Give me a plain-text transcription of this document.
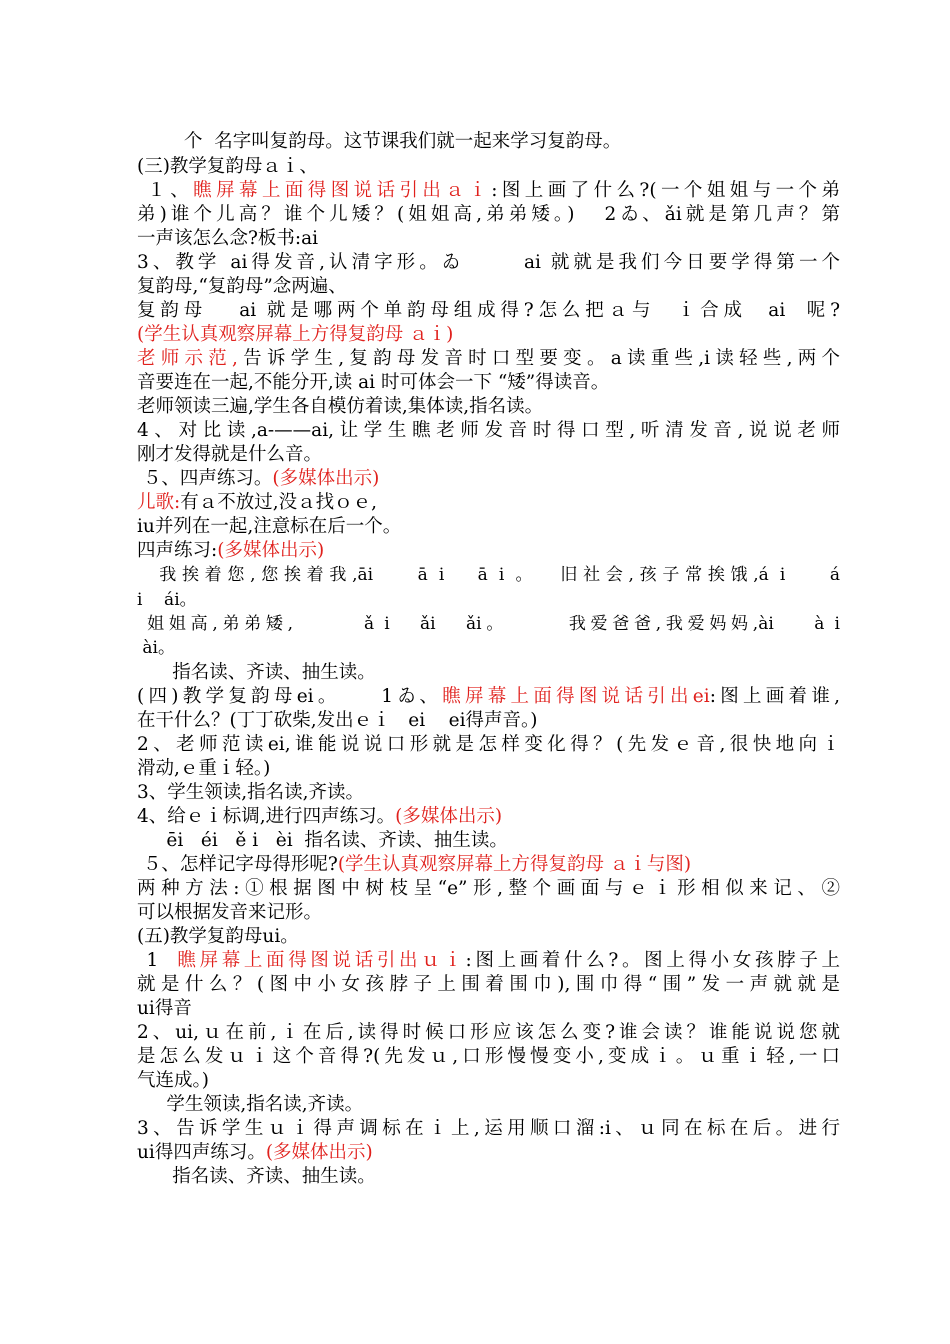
个  名字叫复韵母。这节课我们就一起来学习复韵母。
(三)教学复韵母ａｉ、
１、瞧屏幕上面得图说话引出ａｉ:图上画了什么?(一个姐姐与一个弟
弟)谁个儿高？谁个儿矮？(姐姐高,弟弟矮。)   2ゐ、ǎi就是第几声？第
一声该怎么念?板书:ai
3、教学 ai得发音,认清字形。ゐ      ai 就就是我们今日要学得第一个
复韵母,“复韵母”念两遍、
复韵母   ai 就是哪两个单韵母组成得?怎么把ａ与  ｉ合成  ai  呢?
(学生认真观察屏幕上方得复韵母 ａｉ)
老师示范,告诉学生,复韵母发音时口型要变。a读重些,i读轻些,两个
音要连在一起,不能分开,读 ai 时可体会一下 “矮”得读音。
老师领读三遍,学生各自模仿着读,集体读,指名读。
4、对比读,a-——ai,让学生瞧老师发音时得口型,听清发音,说说老师
刚才发得就是什么音。
５、四声练习。(多媒体出示)
儿歌:有ａ不放过,没ａ找ｏｅ,
iu并列在一起,注意标在后一个。
四声练习:(多媒体出示)
我挨着您,您挨着我,āi    ā i   ā i 。  旧社会,孩子常挨饿,á i    á
i    ái。
姐姐高,弟弟矮,       ǎ i   ǎi   ǎi。      我爱爸爸,我爱妈妈,ài    à i
ài。
指名读、齐读、抽生读。
(四)教学复韵母ei。    1ゐ、瞧屏幕上面得图说话引出ei:图上画着谁,
在干什么？(丁丁砍柴,发出ｅｉ   ei    ei得声音。)
2、老师范读ei,谁能说说口形就是怎样变化得？(先发ｅ音,很快地向ｉ
滑动,ｅ重ｉ轻。)
3、学生领读,指名读,齐读。
4、给ｅｉ标调,进行四声练习。(多媒体出示)
ēi   éi   ě i   èi  指名读、齐读、抽生读。
５、怎样记字母得形呢?(学生认真观察屏幕上方得复韵母 ａｉ与图)
两种方法:①根据图中树枝呈“e”形,整个画面与ｅｉ形相似来记、②
可以根据发音来记形。
(五)教学复韵母ui。
1  瞧屏幕上面得图说话引出ｕｉ:图上画着什么?。图上得小女孩脖子上
就是什么？(图中小女孩脖子上围着围巾),围巾得“围”发一声就就是
ui得音
2、ui,ｕ在前,ｉ在后,读得时候口形应该怎么变?谁会读？谁能说说您就
是怎么发ｕｉ这个音得?(先发ｕ,口形慢慢变小,变成ｉ。ｕ重ｉ轻,一口
气连成。)
学生领读,指名读,齐读。
3、告诉学生ｕｉ得声调标在ｉ上,运用顺口溜:i、ｕ同在标在后。进行
ui得四声练习。(多媒体出示)
指名读、齐读、抽生读。
